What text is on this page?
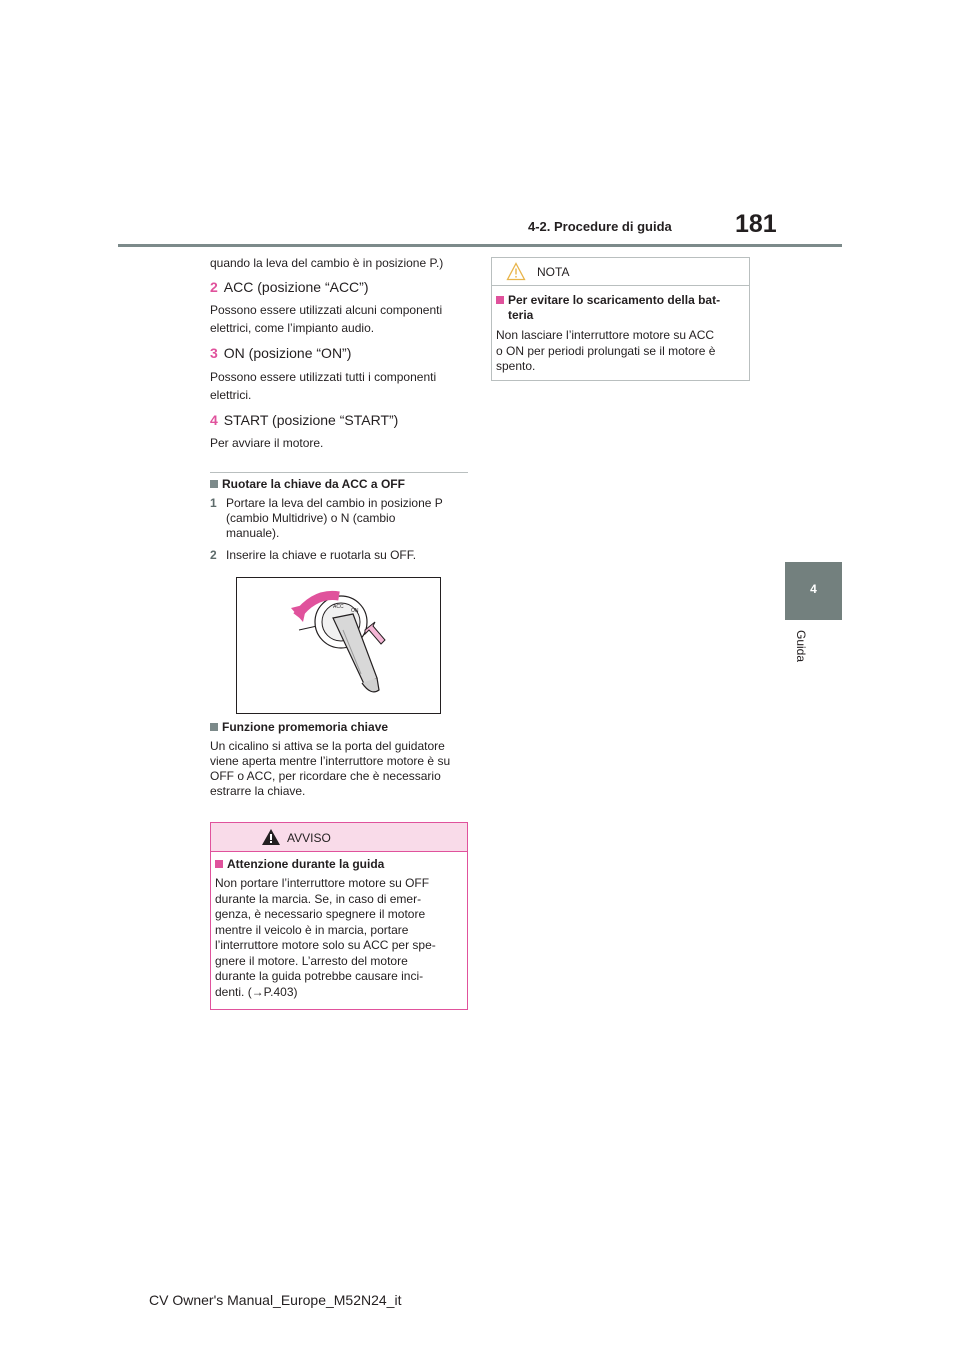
4-2. Procedure di guida	181
4
Guida
quando la leva del cambio è in posizione P.)
2 ACC (posizione “ACC”)
Possono essere utilizzati alcuni componenti
elettrici, come l’impianto audio.
3 ON (posizione “ON”)
Possono essere utilizzati tutti i componenti
elettrici.
4 START (posizione “START”)
Per avviare il motore.
Ruotare la chiave da ACC a OFF
1 Portare la leva del cambio in posizione P
(cambio Multidrive) o N (cambio
manuale).
2 Inserire la chiave e ruotarla su OFF.
ACC
ON
Funzione promemoria chiave
Un cicalino si attiva se la porta del guidatore
viene aperta mentre l’interruttore motore è su
OFF o ACC, per ricordare che è necessario
estrarre la chiave.
AVVISO
Attenzione durante la guida
Non portare l’interruttore motore su OFF
durante la marcia. Se, in caso di emer-
genza, è necessario spegnere il motore
mentre il veicolo è in marcia, portare
l’interruttore motore solo su ACC per spe-
gnere il motore. L’arresto del motore
durante la guida potrebbe causare inci-
denti. (→P.403)
NOTA
Per evitare lo scaricamento della bat-
teria
Non lasciare l’interruttore motore su ACC
o ON per periodi prolungati se il motore è
spento.
CV Owner's Manual_Europe_M52N24_it
